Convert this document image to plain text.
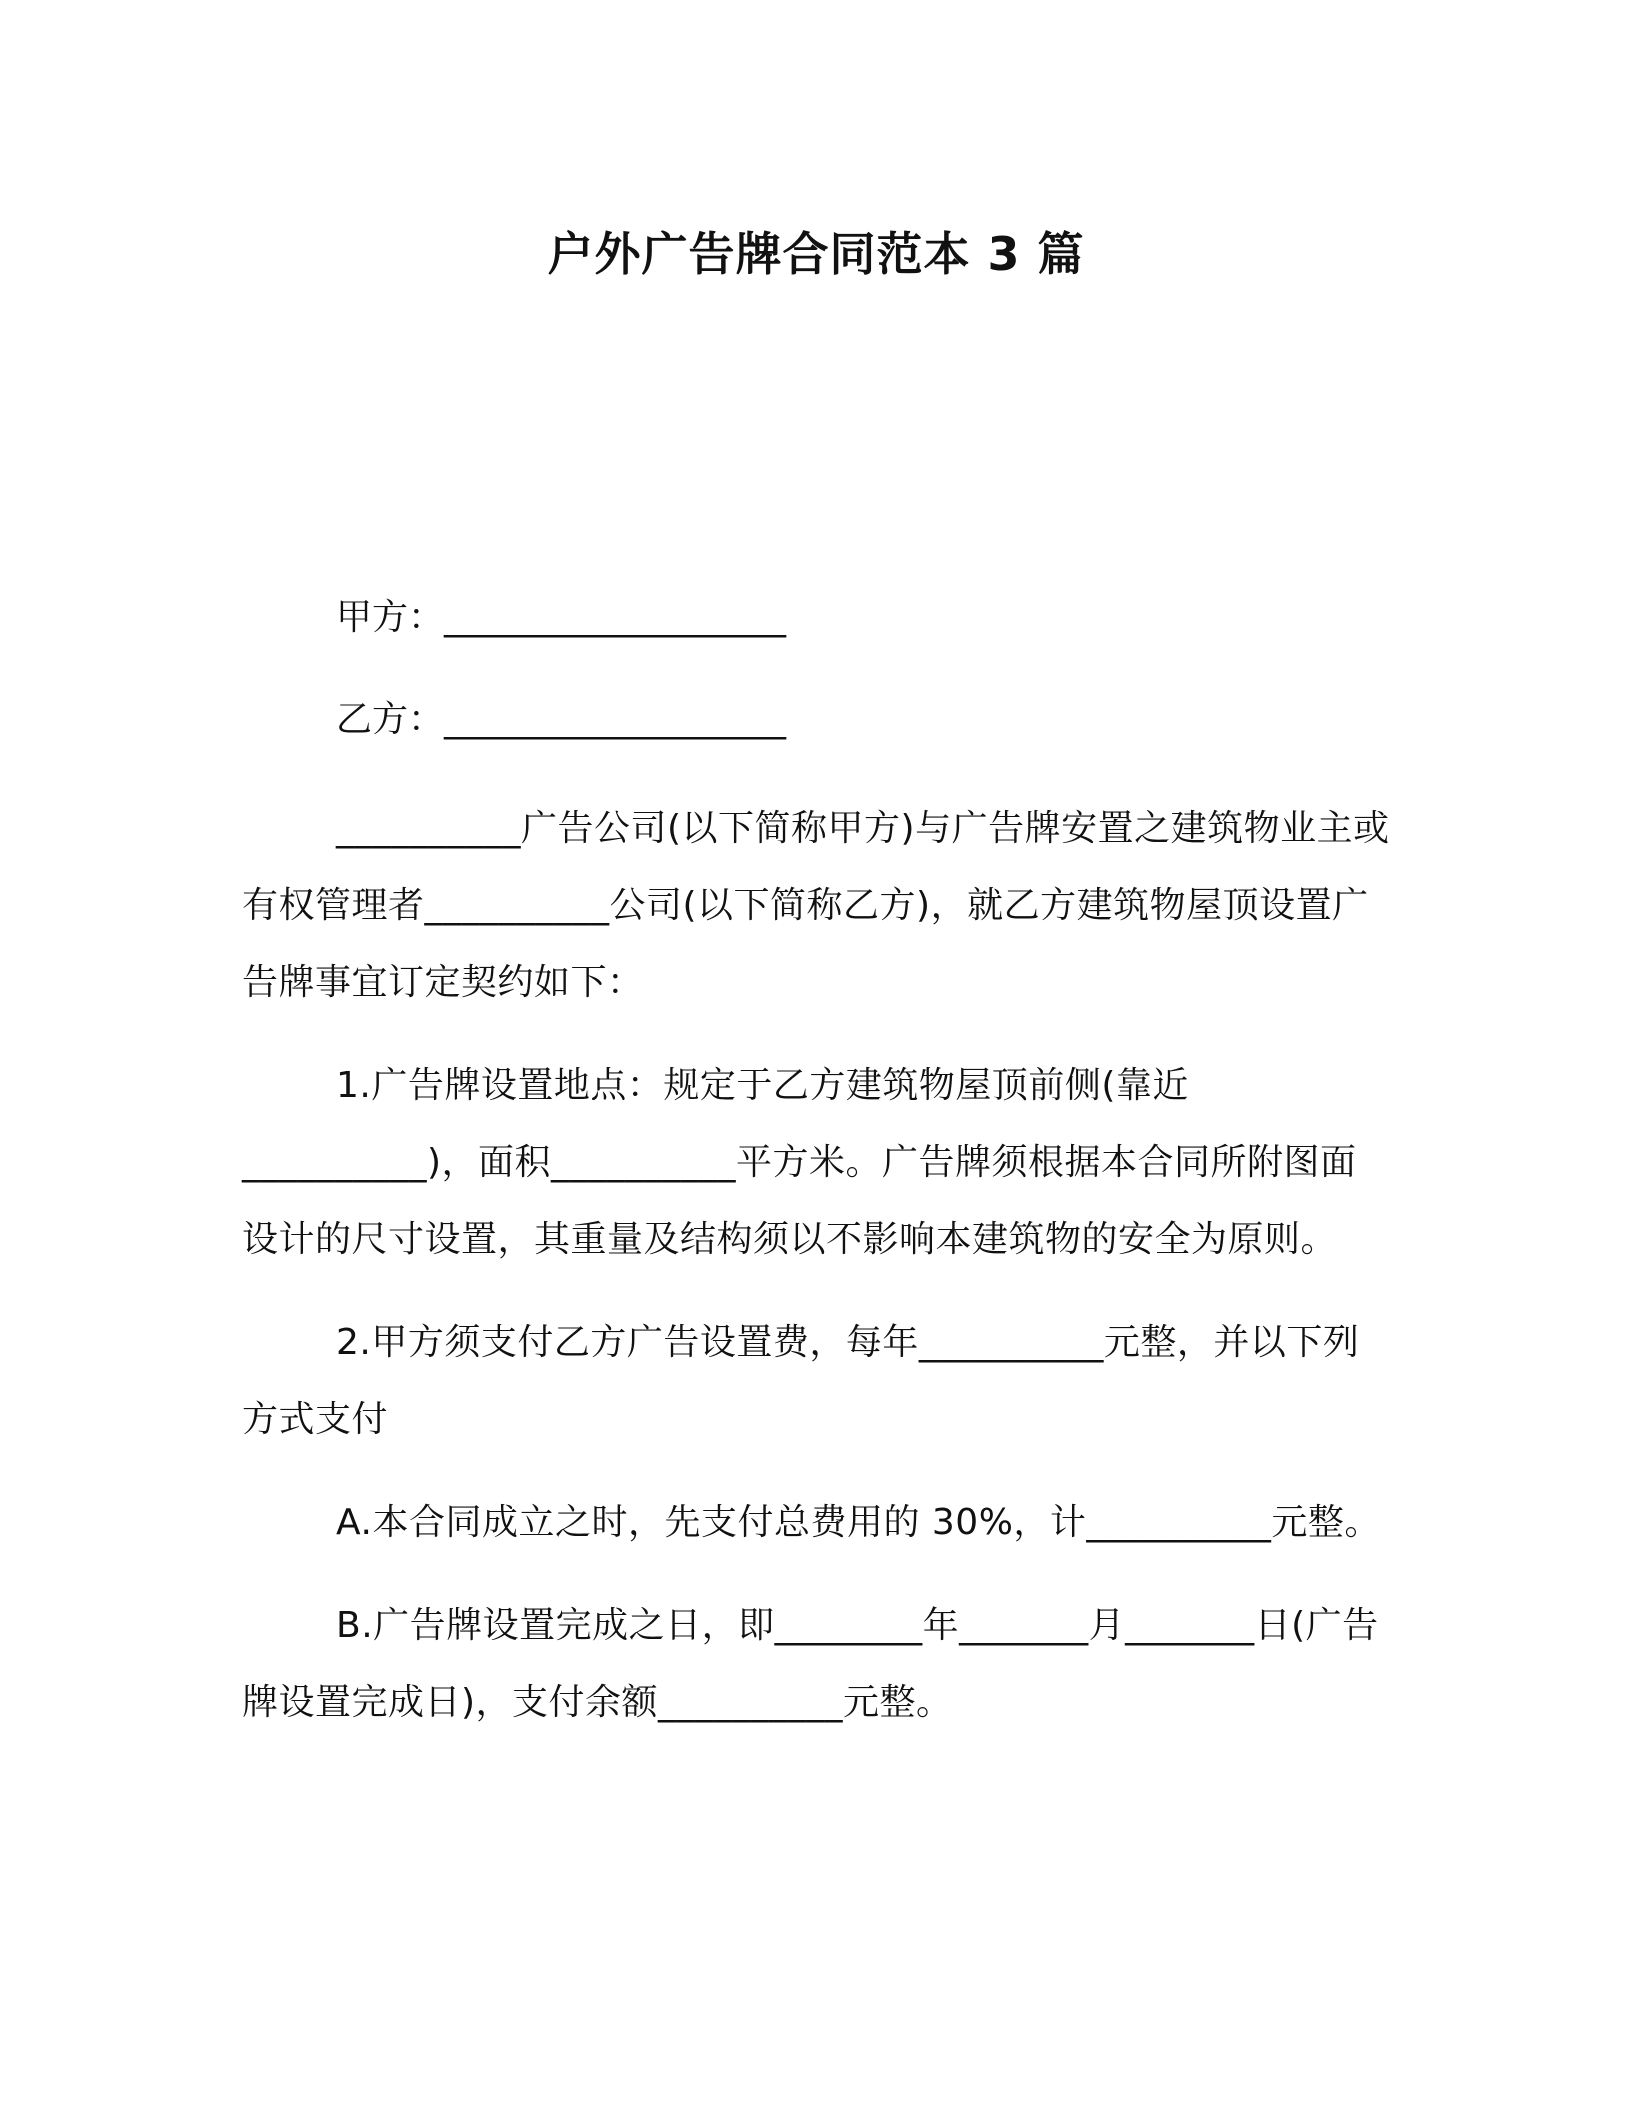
户外广告牌合同范本 3 篇
甲方：___________________
乙方：___________________
__________广告公司(以下简称甲方)与广告牌安置之建筑物业主或有权管理者__________公司(以下简称乙方)，就乙方建筑物屋顶设置广告牌事宜订定契约如下：
1.广告牌设置地点：规定于乙方建筑物屋顶前侧(靠近__________)，面积__________平方米。广告牌须根据本合同所附图面设计的尺寸设置，其重量及结构须以不影响本建筑物的安全为原则。
2.甲方须支付乙方广告设置费，每年__________元整，并以下列方式支付
A.本合同成立之时，先支付总费用的 30%，计__________元整。
B.广告牌设置完成之日，即________年_______月_______日(广告牌设置完成日)，支付余额__________元整。
